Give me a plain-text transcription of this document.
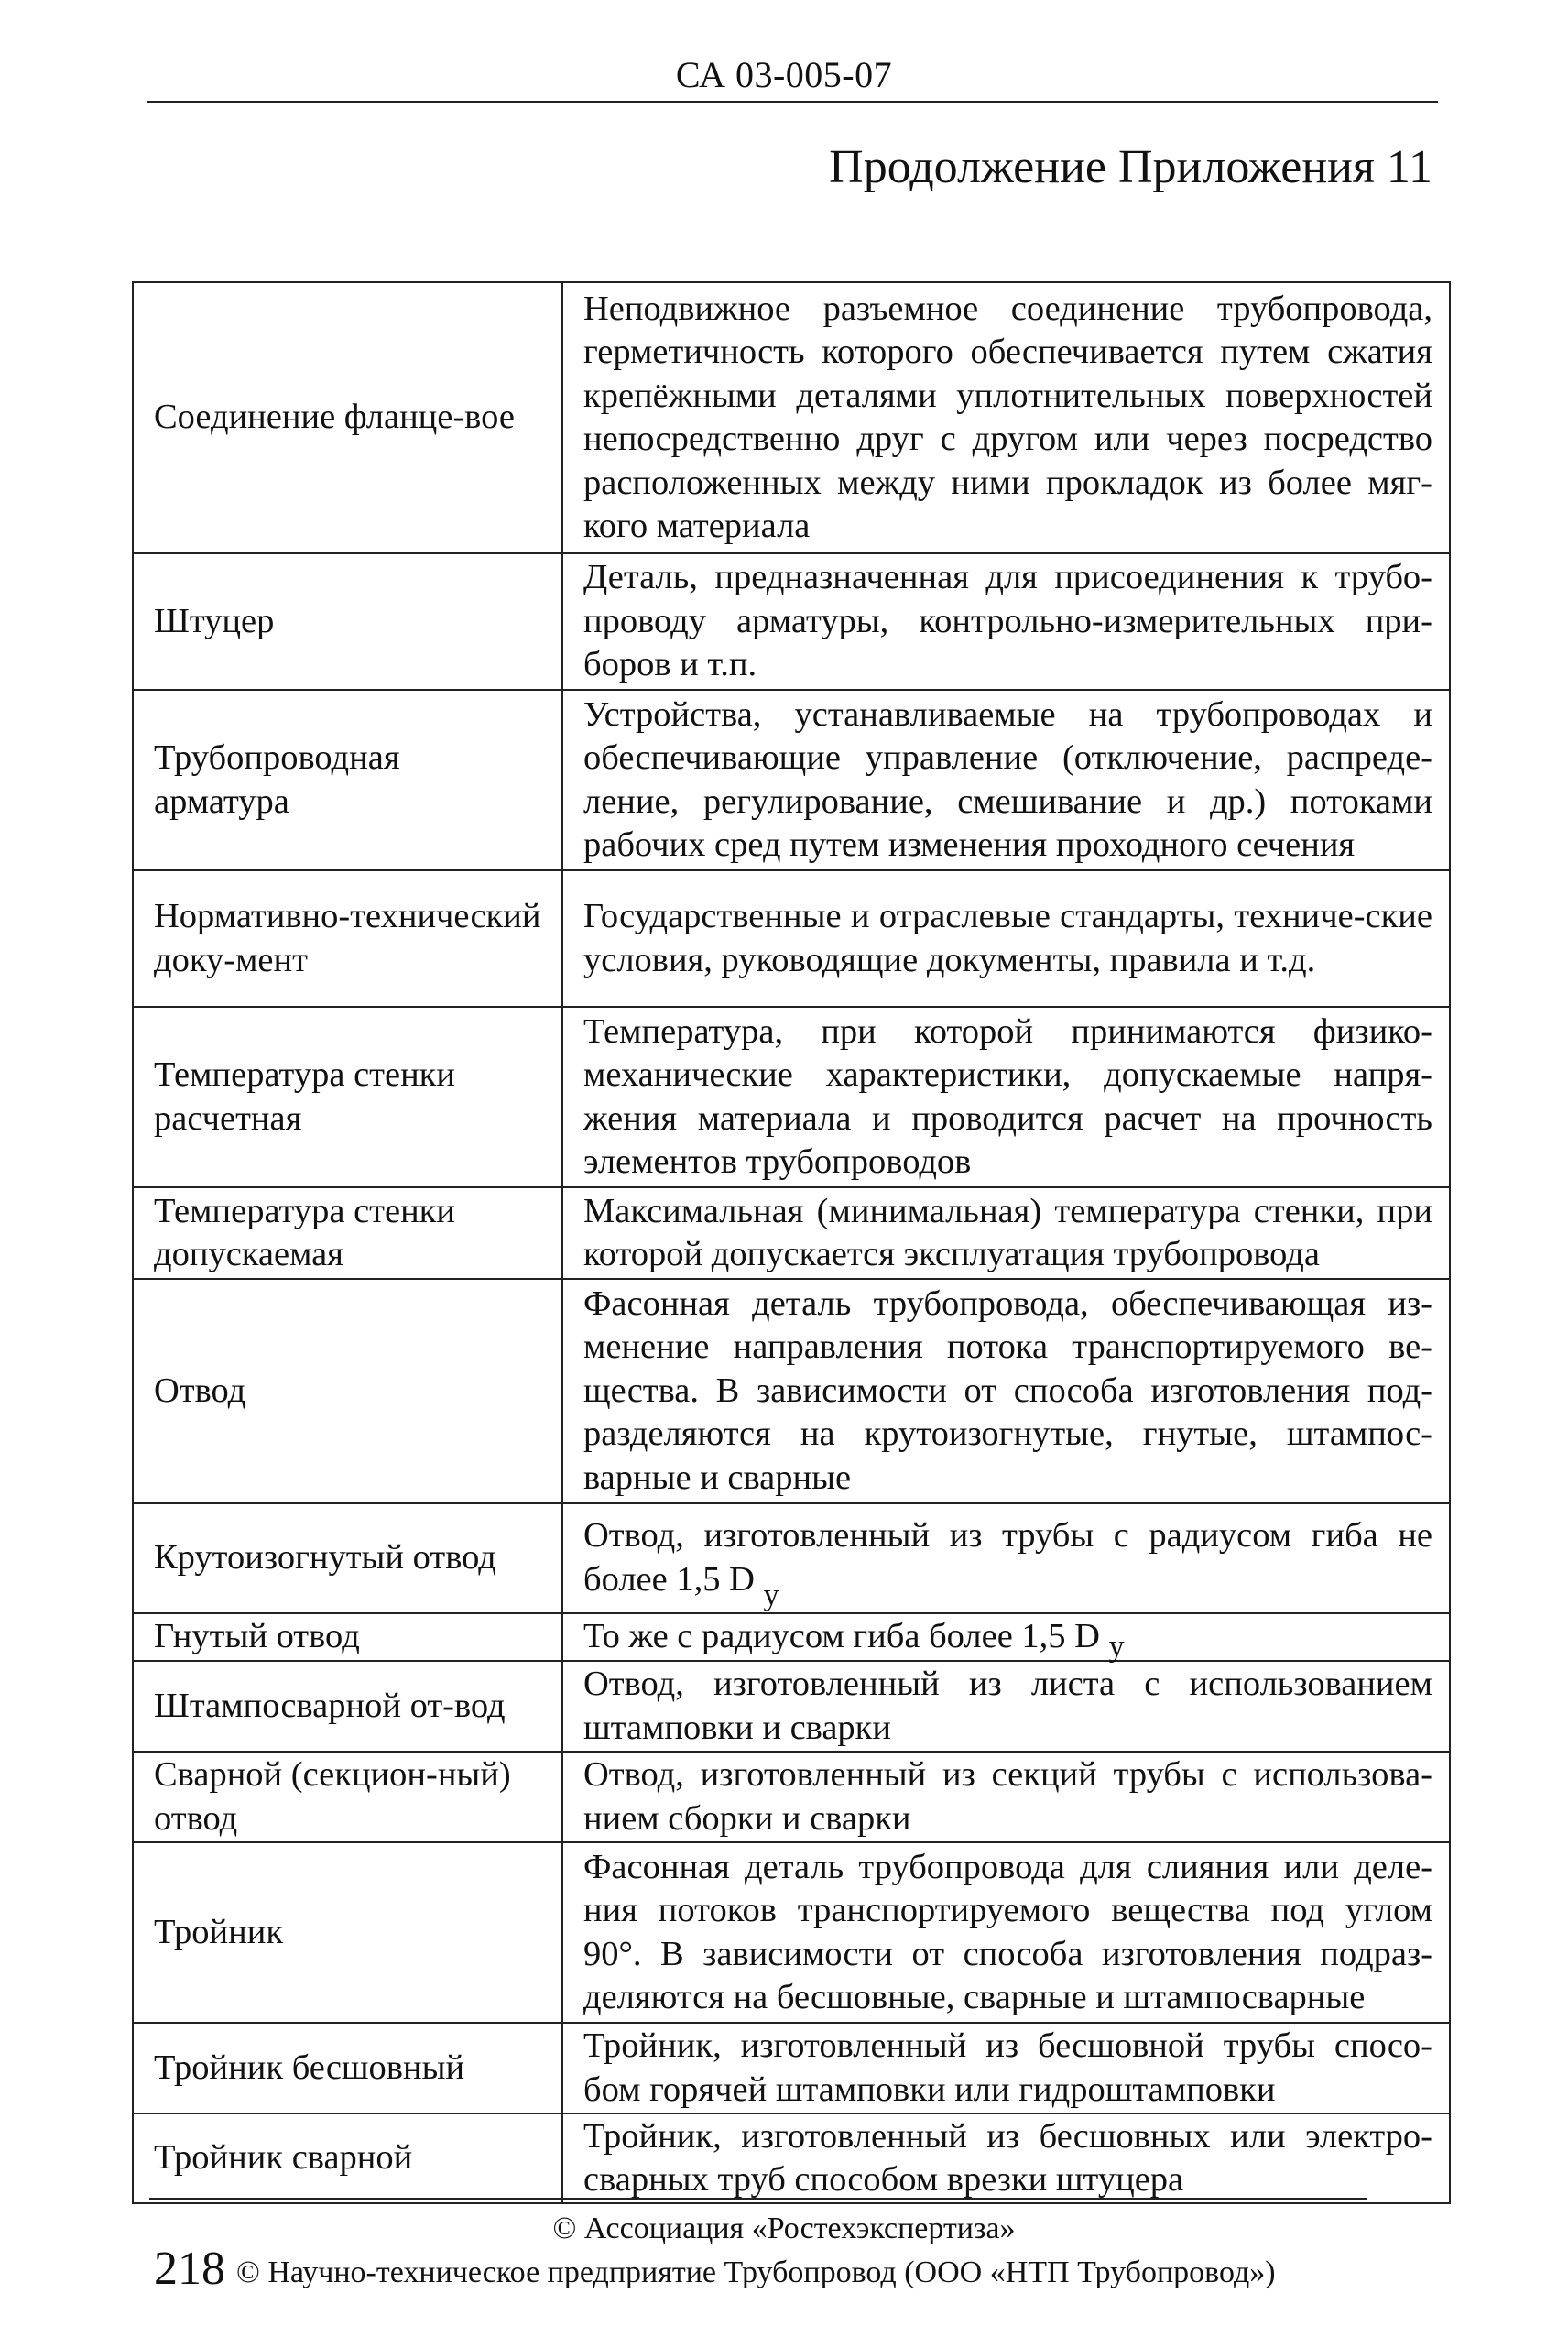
СА 03-005-07
Продолжение Приложения 11
Соединение фланце-вое	Неподвижное разъемное соединение трубопровода, герметичность которого обеспечивается путем сжатия крепёжными деталями уплотнительных поверхностей непосредственно друг с другом или через посредство расположенных между ними прокладок из более мяг-кого материала

Штуцер	Деталь, предназначенная для присоединения к трубо-проводу арматуры, контрольно-измерительных при-боров и т.п.

Трубопроводная арматура	Устройства, устанавливаемые на трубопроводах и обеспечивающие управление (отключение, распреде-ление, регулирование, смешивание и др.) потоками рабочих сред путем изменения проходного сечения

Нормативно-технический доку-мент	Государственные и отраслевые стандарты, техниче-ские условия, руководящие документы, правила и т.д.

Температура стенки расчетная	Температура, при которой принимаются физико-механические характеристики, допускаемые напря-жения материала и проводится расчет на прочность элементов трубопроводов

Температура стенки допускаемая	Максимальная (минимальная) температура стенки, при которой допускается эксплуатация трубопровода

Отвод	Фасонная деталь трубопровода, обеспечивающая из-менение направления потока транспортируемого ве-щества. В зависимости от способа изготовления под-разделяются на крутоизогнутые, гнутые, штампос-варные и сварные

Крутоизогнутый отвод	Отвод, изготовленный из трубы с радиусом гиба не более 1,5 D у

Гнутый отвод	То же с радиусом гиба более 1,5 D у

Штампосварной от-вод	Отвод, изготовленный из листа с использованием штамповки и сварки

Сварной (секцион-ный) отвод	Отвод, изготовленный из секций трубы с использова-нием сборки и сварки

Тройник	Фасонная деталь трубопровода для слияния или деле-ния потоков транспортируемого вещества под углом 90°. В зависимости от способа изготовления подраз-деляются на бесшовные, сварные и штампосварные

Тройник бесшовный	Тройник, изготовленный из бесшовной трубы спосо-бом горячей штамповки или гидроштамповки

Тройник сварной	Тройник, изготовленный из бесшовных или электро-сварных труб способом врезки штуцера
© Ассоциация «Ростехэкспертиза»
218 © Научно-техническое предприятие Трубопровод (ООО «НТП Трубопровод»)
